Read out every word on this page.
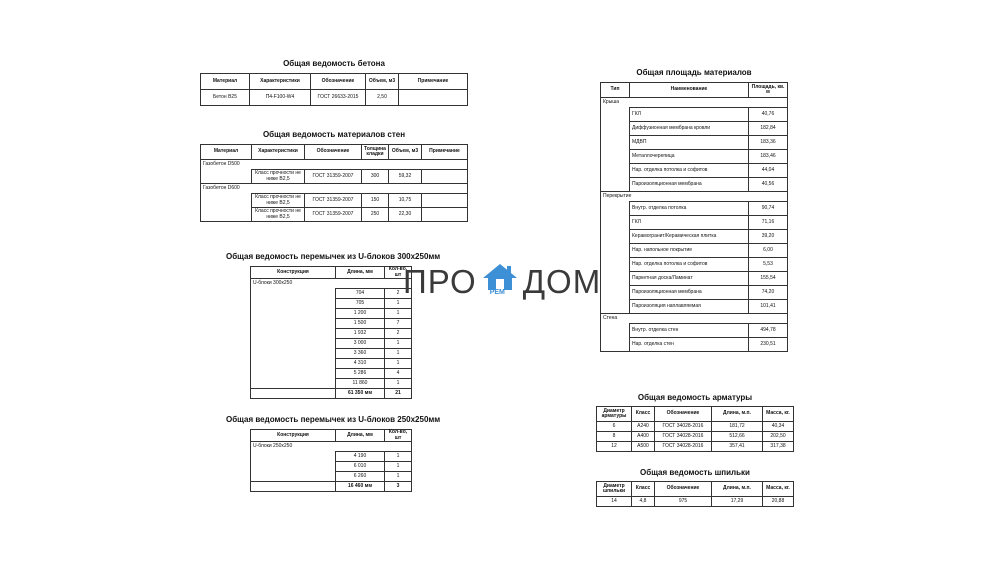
Общая ведомость бетона
Материал	Характеристики	Обозначение	Объем, м3	Примечание
Бетон В25	П4-F100-W4	ГОСТ 26633-2015	2,50	
Общая ведомость материалов стен
Материал	Характеристики	Обозначение	Толщина кладки	Объем, м3	Примечание
Газобетон D500					
	Класс прочности не ниже В2,5	ГОСТ 31359-2007	300	59,32	
Газобетон D600					
	Класс прочности не ниже В2,5	ГОСТ 31359-2007	150	10,75	
	Класс прочности не ниже В2,5	ГОСТ 31359-2007	250	22,30	
Общая ведомость перемычек из U-блоков 300х250мм
Конструкция	Длина, мм	Кол-во, шт
U-блоки 300х250		
	704	2
	705	1
	1 200	1
	1 500	7
	1 932	2
	3 000	1
	3 360	1
	4 310	1
	5 286	4
	11 860	1
	61 350 мм	21
Общая ведомость перемычек из U-блоков 250х250мм
Конструкция	Длина, мм	Кол-во, шт
U-блоки 250х250		
	4 190	1
	6 010	1
	6 260	1
	16 460 мм	3
ПРО РЕМ ДОМ
Общая площадь материалов
Тип	Наименование	Площадь, кв. м
Крыша		
	ГКЛ	40,76
	Диффузионная мембрана кровли	182,84
	МДВП	183,36
	Металлочерепица	183,46
	Нар. отделка потолка и софитов	44,04
	Пароизоляционная мембрана	40,56
Перекрытие		
	Внутр. отделка потолка	90,74
	ГКЛ	71,16
	Керамогранит/Керамическая плитка	39,20
	Нар. напольное покрытие	6,00
	Нар. отделка потолка и софитов	5,53
	Паркетная доска/Ламинат	155,54
	Пароизоляционная мембрана	74,20
	Пароизоляция наплавляемая	101,41
Стена		
	Внутр. отделка стен	494,78
	Нар. отделка стен	230,51
Общая ведомость арматуры
Диаметр арматуры	Класс	Обозначение	Длина, м.п.	Масса, кг.
6	А240	ГОСТ 34028-2016	181,72	40,34
8	А400	ГОСТ 34028-2016	512,66	202,50
12	А500	ГОСТ 34028-2016	357,41	317,38
Общая ведомость шпильки
Диаметр шпильки	Класс	Обозначение	Длина, м.п.	Масса, кг.
14	4,8	975	17,29	20,88
